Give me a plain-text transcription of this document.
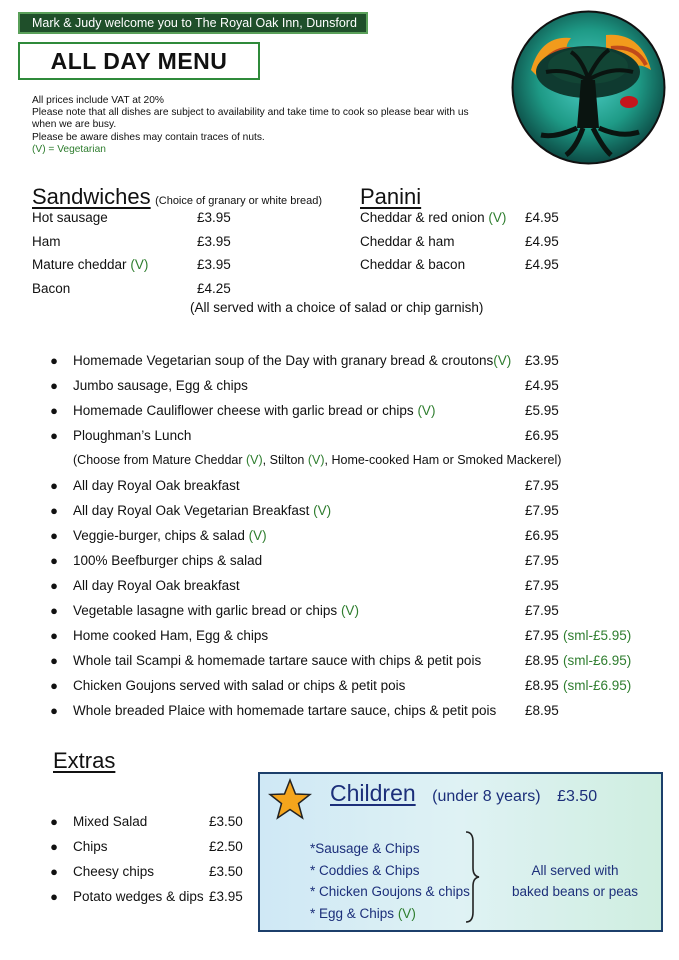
Mark & Judy welcome you to The Royal Oak Inn, Dunsford
ALL DAY MENU
All prices include VAT at 20%
Please note that all dishes are subject to availability and take time to cook so please bear with us
when we are busy.
Please be aware dishes may contain traces of nuts.
(V) = Vegetarian
Sandwiches (Choice of granary or white bread)
Hot sausage	£3.95
Ham	£3.95
Mature cheddar (V)	£3.95
Bacon	£4.25
Panini
Cheddar & red onion (V) £4.95
Cheddar & ham	£4.95
Cheddar & bacon	£4.95
(All served with a choice of salad or chip garnish)
● Homemade Vegetarian soup of the Day with granary bread & croutons(V) £3.95
● Jumbo sausage, Egg & chips	£4.95
● Homemade Cauliflower cheese with garlic bread or chips (V)	£5.95
● Ploughman’s Lunch	£6.95
(Choose from Mature Cheddar (V), Stilton (V), Home-cooked Ham or Smoked Mackerel)
● All day Royal Oak breakfast	£7.95
● All day Royal Oak Vegetarian Breakfast (V)	£7.95
● Veggie-burger, chips & salad (V)	£6.95
● 100% Beefburger chips & salad	£7.95
● All day Royal Oak breakfast	£7.95
● Vegetable lasagne with garlic bread or chips (V)	£7.95
● Home cooked Ham, Egg & chips	£7.95 (sml-£5.95)
● Whole tail Scampi & homemade tartare sauce with chips & petit pois	£8.95 (sml-£6.95)
● Chicken Goujons served with salad or chips & petit pois	£8.95 (sml-£6.95)
● Whole breaded Plaice with homemade tartare sauce, chips & petit pois £8.95
Extras
● Mixed Salad	£3.50
● Chips	£2.50
● Cheesy chips	£3.50
● Potato wedges & dips £3.95
Children (under 8 years) £3.50
*Sausage & Chips
* Coddies & Chips
* Chicken Goujons & chips
* Egg & Chips (V)
All served with
baked beans or peas
